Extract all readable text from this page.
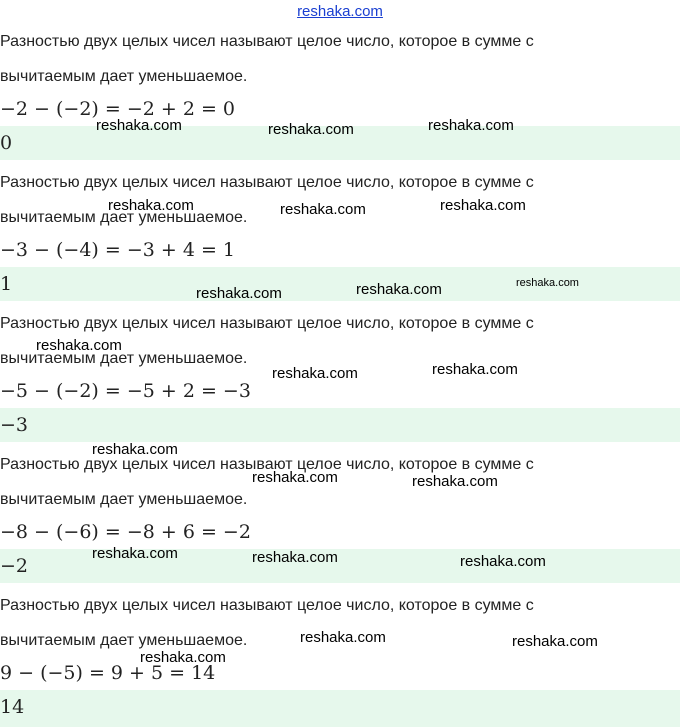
reshaka.com
Разностью двух целых чисел называют целое число, которое в сумме с
вычитаемым дает уменьшаемое.
−2 − (−2) = −2 + 2 = 0
0
Разностью двух целых чисел называют целое число, которое в сумме с
вычитаемым дает уменьшаемое.
−3 − (−4) = −3 + 4 = 1
1
Разностью двух целых чисел называют целое число, которое в сумме с
вычитаемым дает уменьшаемое.
−5 − (−2) = −5 + 2 = −3
−3
Разностью двух целых чисел называют целое число, которое в сумме с
вычитаемым дает уменьшаемое.
−8 − (−6) = −8 + 6 = −2
−2
Разностью двух целых чисел называют целое число, которое в сумме с
вычитаемым дает уменьшаемое.
9 − (−5) = 9 + 5 = 14
14
reshaka.com	reshaka.com	reshaka.com
reshaka.com	reshaka.com	reshaka.com
reshaka.com	reshaka.com	reshaka.com
reshaka.com
reshaka.com	reshaka.com
reshaka.com
reshaka.com	reshaka.com
reshaka.com	reshaka.com	reshaka.com
reshaka.com	reshaka.com
reshaka.com
